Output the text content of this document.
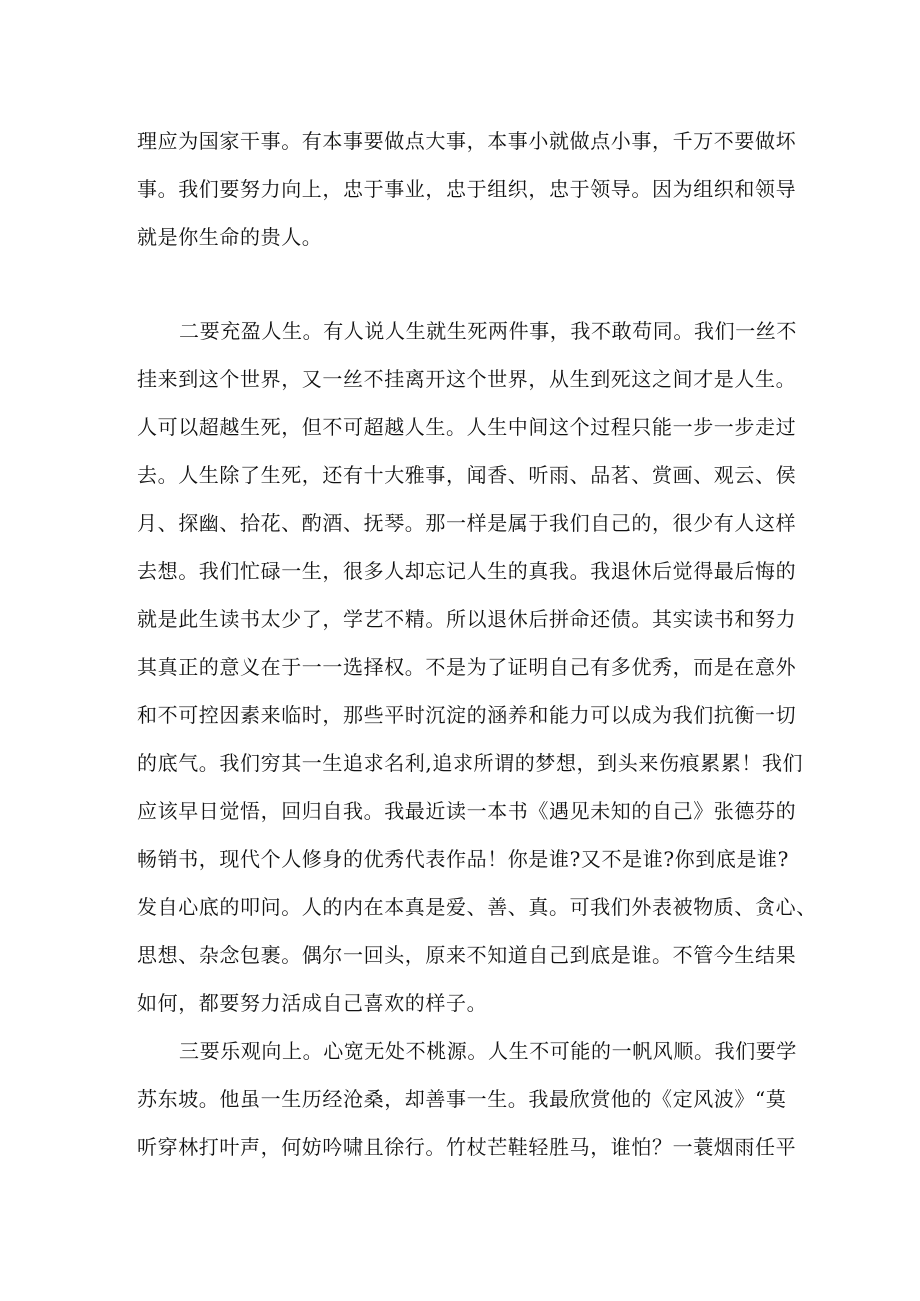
理应为国家干事。有本事要做点大事，本事小就做点小事，千万不要做坏
事。我们要努力向上，忠于事业，忠于组织，忠于领导。因为组织和领导
就是你生命的贵人。
二要充盈人生。有人说人生就生死两件事，我不敢苟同。我们一丝不
挂来到这个世界，又一丝不挂离开这个世界，从生到死这之间才是人生。
人可以超越生死，但不可超越人生。人生中间这个过程只能一步一步走过
去。人生除了生死，还有十大雅事，闻香、听雨、品茗、赏画、观云、侯
月、探幽、拾花、酌酒、抚琴。那一样是属于我们自己的，很少有人这样
去想。我们忙碌一生，很多人却忘记人生的真我。我退休后觉得最后悔的
就是此生读书太少了，学艺不精。所以退休后拼命还债。其实读书和努力
其真正的意义在于一一选择权。不是为了证明自己有多优秀，而是在意外
和不可控因素来临时，那些平时沉淀的涵养和能力可以成为我们抗衡一切
的底气。我们穷其一生追求名利,追求所谓的梦想，到头来伤痕累累！我们
应该早日觉悟，回归自我。我最近读一本书《遇见未知的自己》张德芬的
畅销书，现代个人修身的优秀代表作品！你是谁?又不是谁?你到底是谁?
发自心底的叩问。人的内在本真是爱、善、真。可我们外表被物质、贪心、
思想、杂念包裹。偶尔一回头，原来不知道自己到底是谁。不管今生结果
如何，都要努力活成自己喜欢的样子。
三要乐观向上。心宽无处不桃源。人生不可能的一帆风顺。我们要学
苏东坡。他虽一生历经沧桑，却善事一生。我最欣赏他的《定风波》“莫
听穿林打叶声，何妨吟啸且徐行。竹杖芒鞋轻胜马，谁怕？一蓑烟雨任平
